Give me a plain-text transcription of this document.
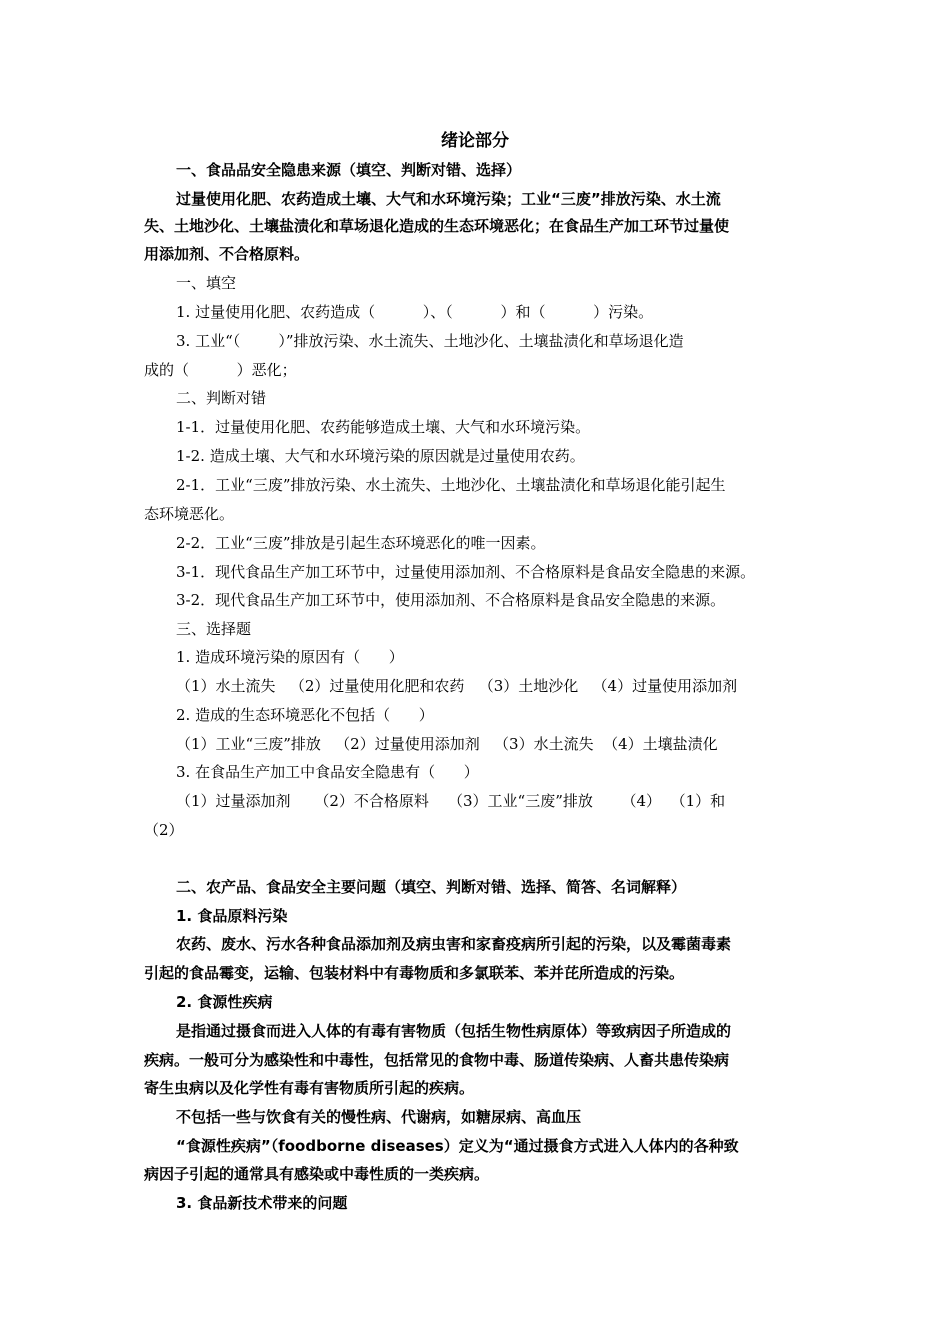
绪论部分
一、食品品安全隐患来源（填空、判断对错、选择）
过量使用化肥、农药造成土壤、大气和水环境污染；工业“三废”排放污染、水土流
失、土地沙化、土壤盐渍化和草场退化造成的生态环境恶化；在食品生产加工环节过量使
用添加剂、不合格原料。
一、填空
1. 过量使用化肥、农药造成（          ）、（          ）和（          ）污染。
3. 工业“（        ）”排放污染、水土流失、土地沙化、土壤盐渍化和草场退化造
成的（          ）恶化；
二、判断对错
1-1．过量使用化肥、农药能够造成土壤、大气和水环境污染。
1-2. 造成土壤、大气和水环境污染的原因就是过量使用农药。
2-1．工业“三废”排放污染、水土流失、土地沙化、土壤盐渍化和草场退化能引起生
态环境恶化。
2-2．工业“三废”排放是引起生态环境恶化的唯一因素。
3-1．现代食品生产加工环节中，过量使用添加剂、不合格原料是食品安全隐患的来源。
3-2．现代食品生产加工环节中，使用添加剂、不合格原料是食品安全隐患的来源。
三、选择题
1. 造成环境污染的原因有（      ）
（1）水土流失   （2）过量使用化肥和农药   （3）土地沙化   （4）过量使用添加剂
2. 造成的生态环境恶化不包括（      ）
（1）工业“三废”排放   （2）过量使用添加剂   （3）水土流失  （4）土壤盐渍化
3. 在食品生产加工中食品安全隐患有（      ）
（1）过量添加剂     （2）不合格原料    （3）工业“三废”排放      （4）  （1）和
（2）
二、农产品、食品安全主要问题（填空、判断对错、选择、简答、名词解释）
1. 食品原料污染
农药、废水、污水各种食品添加剂及病虫害和家畜疫病所引起的污染，以及霉菌毒素
引起的食品霉变，运输、包装材料中有毒物质和多氯联苯、苯并芘所造成的污染。
2. 食源性疾病
是指通过摄食而进入人体的有毒有害物质（包括生物性病原体）等致病因子所造成的
疾病。一般可分为感染性和中毒性，包括常见的食物中毒、肠道传染病、人畜共患传染病
寄生虫病以及化学性有毒有害物质所引起的疾病。
不包括一些与饮食有关的慢性病、代谢病，如糖尿病、高血压
“食源性疾病”（foodborne diseases）定义为“通过摄食方式进入人体内的各种致
病因子引起的通常具有感染或中毒性质的一类疾病。
3. 食品新技术带来的问题
